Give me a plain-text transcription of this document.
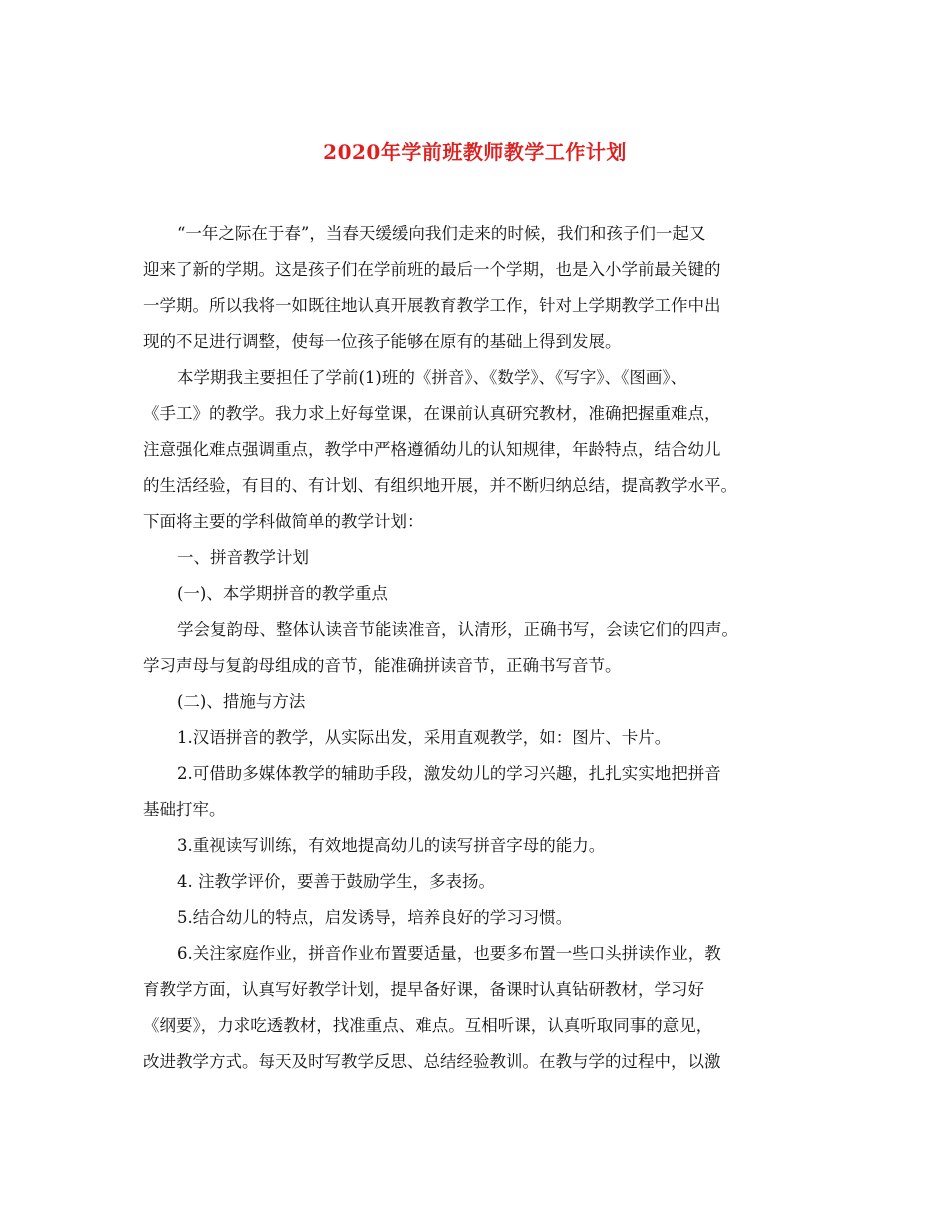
2020年学前班教师教学工作计划
“一年之际在于春”，当春天缓缓向我们走来的时候，我们和孩子们一起又
迎来了新的学期。这是孩子们在学前班的最后一个学期，也是入小学前最关键的
一学期。所以我将一如既往地认真开展教育教学工作，针对上学期教学工作中出
现的不足进行调整，使每一位孩子能够在原有的基础上得到发展。
本学期我主要担任了学前(1)班的《拼音》、《数学》、《写字》、《图画》、
《手工》的教学。我力求上好每堂课，在课前认真研究教材，准确把握重难点，
注意强化难点强调重点，教学中严格遵循幼儿的认知规律，年龄特点，结合幼儿
的生活经验，有目的、有计划、有组织地开展，并不断归纳总结，提高教学水平。
下面将主要的学科做简单的教学计划：
一、拼音教学计划
(一)、本学期拼音的教学重点
学会复韵母、整体认读音节能读准音，认清形，正确书写，会读它们的四声。
学习声母与复韵母组成的音节，能准确拼读音节，正确书写音节。
(二)、措施与方法
1.汉语拼音的教学，从实际出发，采用直观教学，如：图片、卡片。
2.可借助多媒体教学的辅助手段，激发幼儿的学习兴趣，扎扎实实地把拼音
基础打牢。
3.重视读写训练，有效地提高幼儿的读写拼音字母的能力。
4. 注教学评价，要善于鼓励学生，多表扬。
5.结合幼儿的特点，启发诱导，培养良好的学习习惯。
6.关注家庭作业，拼音作业布置要适量，也要多布置一些口头拼读作业，教
育教学方面，认真写好教学计划，提早备好课，备课时认真钻研教材，学习好
《纲要》，力求吃透教材，找准重点、难点。互相听课，认真听取同事的意见，
改进教学方式。每天及时写教学反思、总结经验教训。在教与学的过程中，以激
